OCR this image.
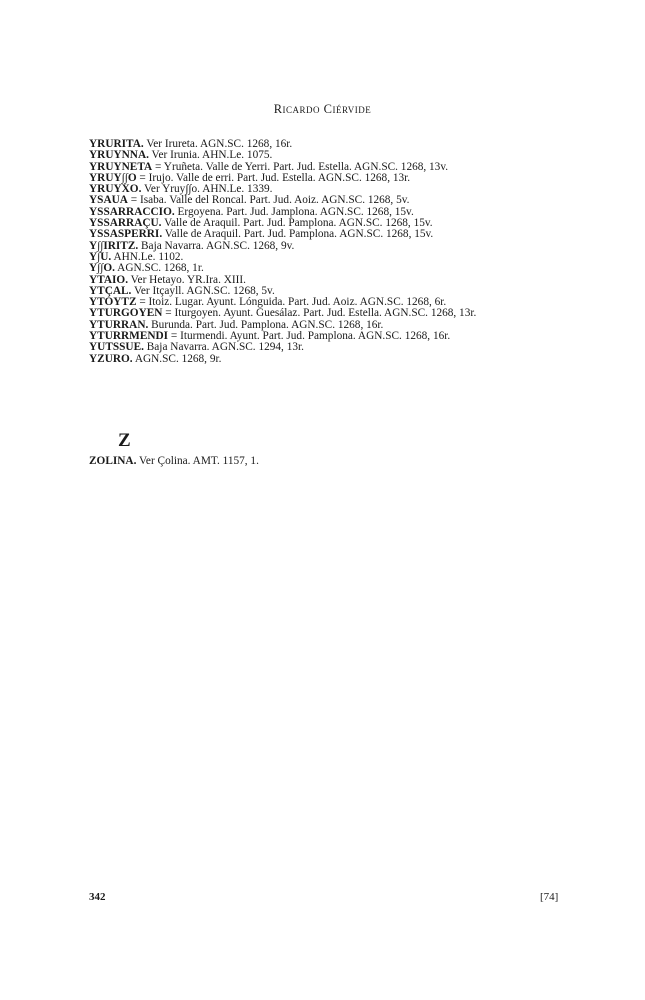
Ricardo Ciérvide
YRURITA. Ver Irureta. AGN.SC. 1268, 16r.
YRUYNNA. Ver Irunia. AHN.Le. 1075.
YRUYNETA = Yruñeta. Valle de Yerri. Part. Jud. Estella. AGN.SC. 1268, 13v.
YRUY∫∫O = Irujo. Valle de erri. Part. Jud. Estella. AGN.SC. 1268, 13r.
YRUYXO. Ver Yruy∫∫o. AHN.Le. 1339.
YSAUA = Isaba. Valle del Roncal. Part. Jud. Aoiz. AGN.SC. 1268, 5v.
YSSARRACCIO. Ergoyena. Part. Jud. Jamplona. AGN.SC. 1268, 15v.
YSSARRAÇU. Valle de Araquil. Part. Jud. Pamplona. AGN.SC. 1268, 15v.
YSSASPERRI. Valle de Araquil. Part. Jud. Pamplona. AGN.SC. 1268, 15v.
Y∫∫IRITZ. Baja Navarra. AGN.SC. 1268, 9v.
Y∫U. AHN.Le. 1102.
Y∫∫O. AGN.SC. 1268, 1r.
YTAIO. Ver Hetayo. YR.Ira. XIII.
YTÇAL. Ver Itçayll. AGN.SC. 1268, 5v.
YTOYTZ = Itoiz. Lugar. Ayunt. Lónguida. Part. Jud. Aoiz. AGN.SC. 1268, 6r.
YTURGOYEN = Iturgoyen. Ayunt. Guesálaz. Part. Jud. Estella. AGN.SC. 1268, 13r.
YTURRAN. Burunda. Part. Jud. Pamplona. AGN.SC. 1268, 16r.
YTURRMENDI = Iturmendi. Ayunt. Part. Jud. Pamplona. AGN.SC. 1268, 16r.
YUTSSUE. Baja Navarra. AGN.SC. 1294, 13r.
YZURO. AGN.SC. 1268, 9r.
Z
ZOLINA. Ver Çolina. AMT. 1157, 1.
342	[74]
